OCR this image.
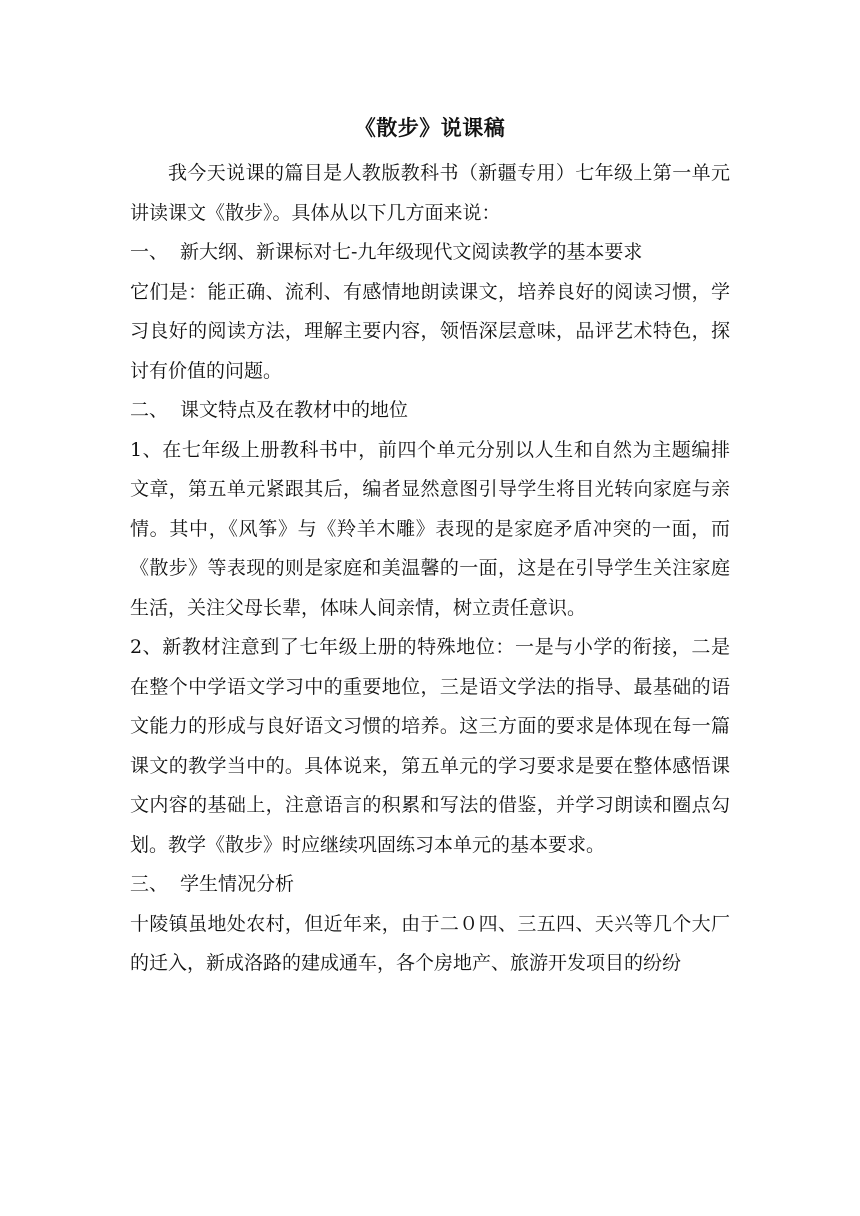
《散步》说课稿

我今天说课的篇目是人教版教科书（新疆专用）七年级上第一单元讲读课文《散步》。具体从以下几方面来说：

一、 新大纲、新课标对七-九年级现代文阅读教学的基本要求

它们是：能正确、流利、有感情地朗读课文，培养良好的阅读习惯，学习良好的阅读方法，理解主要内容，领悟深层意味，品评艺术特色，探讨有价值的问题。

二、 课文特点及在教材中的地位

1、在七年级上册教科书中，前四个单元分别以人生和自然为主题编排文章，第五单元紧跟其后，编者显然意图引导学生将目光转向家庭与亲情。其中，《风筝》与《羚羊木雕》表现的是家庭矛盾冲突的一面，而《散步》等表现的则是家庭和美温馨的一面，这是在引导学生关注家庭生活，关注父母长辈，体味人间亲情，树立责任意识。

2、新教材注意到了七年级上册的特殊地位：一是与小学的衔接，二是在整个中学语文学习中的重要地位，三是语文学法的指导、最基础的语文能力的形成与良好语文习惯的培养。这三方面的要求是体现在每一篇课文的教学当中的。具体说来，第五单元的学习要求是要在整体感悟课文内容的基础上，注意语言的积累和写法的借鉴，并学习朗读和圈点勾划。教学《散步》时应继续巩固练习本单元的基本要求。

三、 学生情况分析

十陵镇虽地处农村，但近年来，由于二０四、三五四、天兴等几个大厂的迁入，新成洛路的建成通车，各个房地产、旅游开发项目的纷纷
